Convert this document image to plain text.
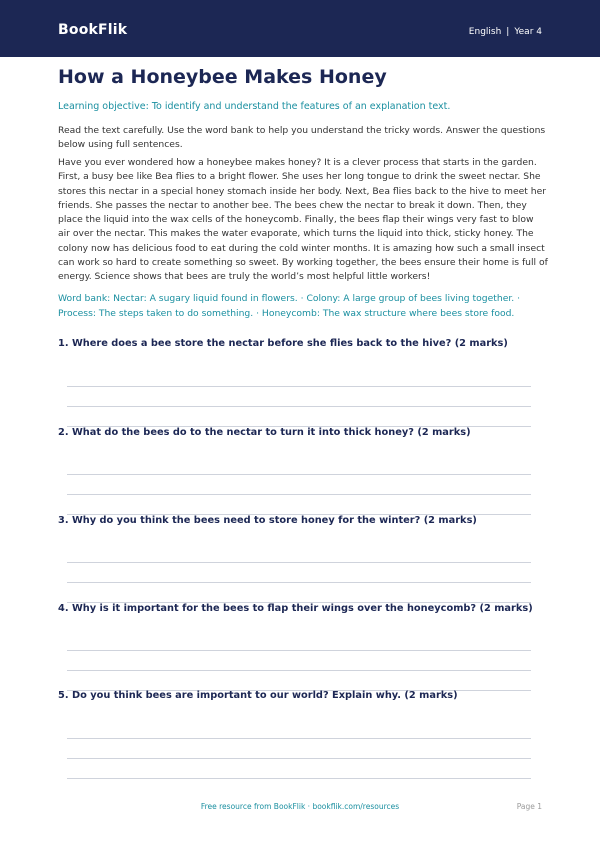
BookFlik	English | Year 4
How a Honeybee Makes Honey
Learning objective: To identify and understand the features of an explanation text.
Read the text carefully. Use the word bank to help you understand the tricky words. Answer the questions below using full sentences.
Have you ever wondered how a honeybee makes honey? It is a clever process that starts in the garden. First, a busy bee like Bea flies to a bright flower. She uses her long tongue to drink the sweet nectar. She stores this nectar in a special honey stomach inside her body. Next, Bea flies back to the hive to meet her friends. She passes the nectar to another bee. The bees chew the nectar to break it down. Then, they place the liquid into the wax cells of the honeycomb. Finally, the bees flap their wings very fast to blow air over the nectar. This makes the water evaporate, which turns the liquid into thick, sticky honey. The colony now has delicious food to eat during the cold winter months. It is amazing how such a small insect can work so hard to create something so sweet. By working together, the bees ensure their home is full of energy. Science shows that bees are truly the world’s most helpful little workers!
Word bank: Nectar: A sugary liquid found in flowers. · Colony: A large group of bees living together. · Process: The steps taken to do something. · Honeycomb: The wax structure where bees store food.
1. Where does a bee store the nectar before she flies back to the hive? (2 marks)
2. What do the bees do to the nectar to turn it into thick honey? (2 marks)
3. Why do you think the bees need to store honey for the winter? (2 marks)
4. Why is it important for the bees to flap their wings over the honeycomb? (2 marks)
5. Do you think bees are important to our world? Explain why. (2 marks)
Free resource from BookFlik · bookflik.com/resources	Page 1
